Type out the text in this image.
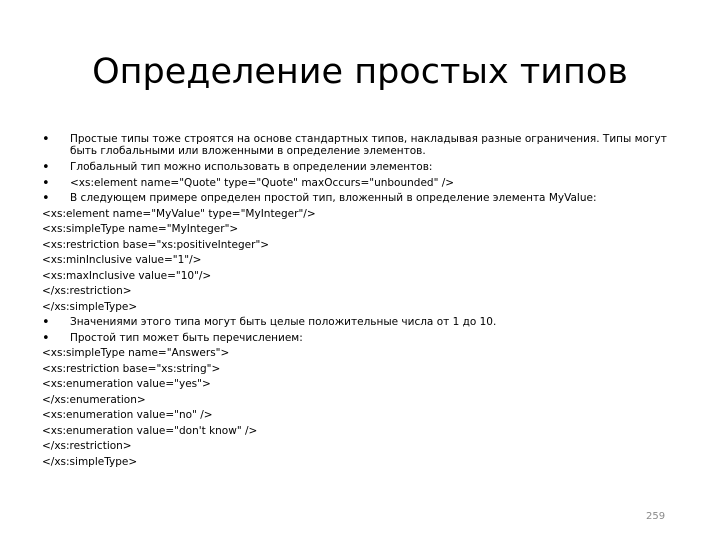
Определение простых типов
• Простые типы тоже строятся на основе стандартных типов, накладывая разные ограничения. Типы могут быть глобальными или вложенными в определение элементов.
• Глобальный тип можно использовать в определении элементов:
• <xs:element name="Quote" type="Quote" maxOccurs="unbounded" />
• В следующем примере определен простой тип, вложенный в определение элемента MyValue:
<xs:element name="MyValue" type="MyInteger"/>
<xs:simpleType name="MyInteger">
<xs:restriction base="xs:positiveInteger">
<xs:minInclusive value="1"/>
<xs:maxInclusive value="10"/>
</xs:restriction>
</xs:simpleType>
• Значениями этого типа могут быть целые положительные числа от 1 до 10.
• Простой тип может быть перечислением:
<xs:simpleType name="Answers">
<xs:restriction base="xs:string">
<xs:enumeration value="yes">
</xs:enumeration>
<xs:enumeration value="no" />
<xs:enumeration value="don't know" />
</xs:restriction>
</xs:simpleType>
259
